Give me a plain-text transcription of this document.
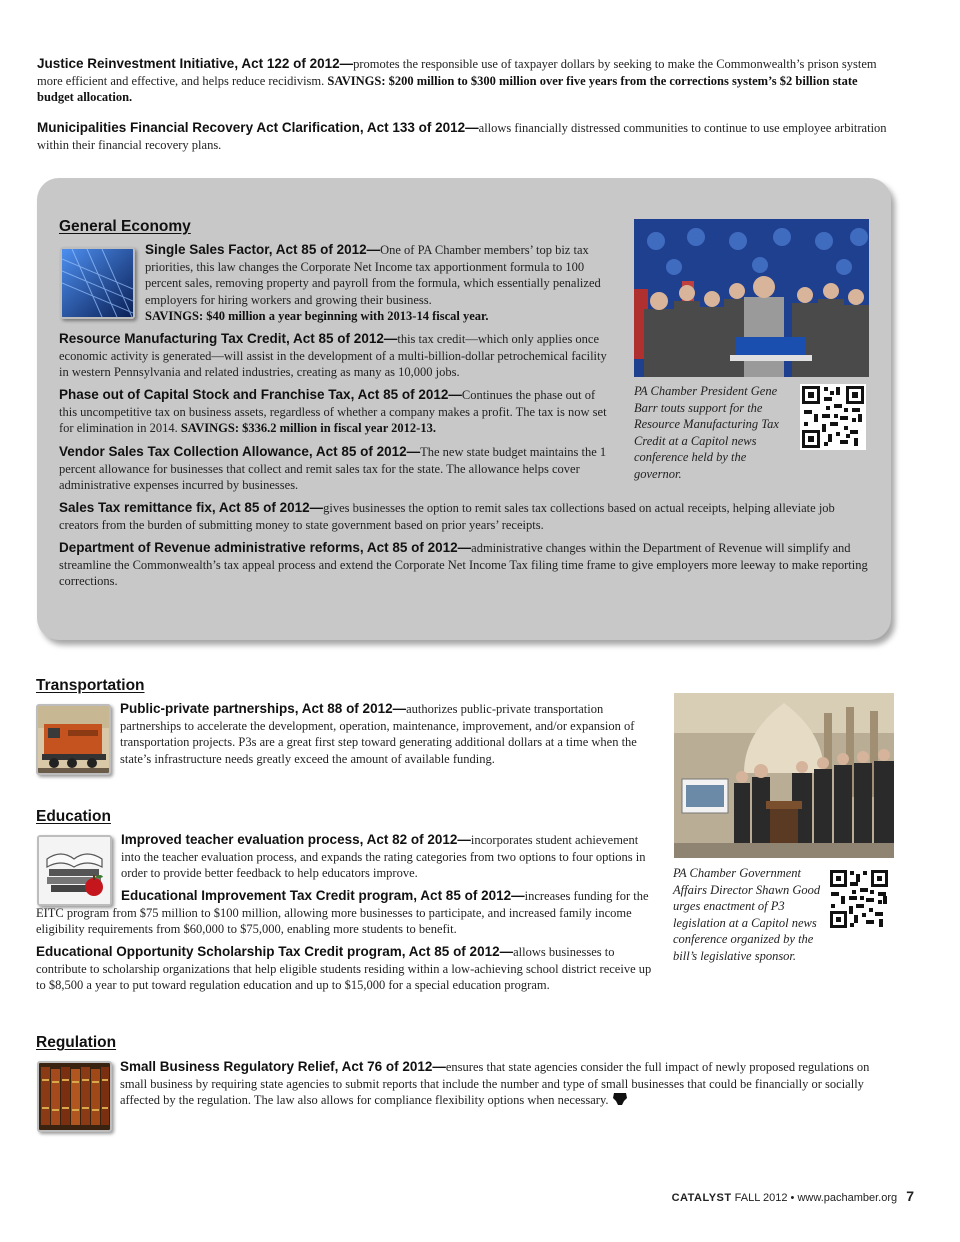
Justice Reinvestment Initiative, Act 122 of 2012—promotes the responsible use of taxpayer dollars by seeking to make the Commonwealth’s prison system more efficient and effective, and helps reduce recidivism. SAVINGS: $200 million to $300 million over five years from the corrections system’s $2 billion state budget allocation.

Municipalities Financial Recovery Act Clarification, Act 133 of 2012—allows financially distressed communities to continue to use employee arbitration within their financial recovery plans.

General Economy

Single Sales Factor, Act 85 of 2012—One of PA Chamber members’ top biz tax priorities, this law changes the Corporate Net Income tax apportionment formula to 100 percent sales, removing property and payroll from the formula, which essentially penalized employers for hiring workers and growing their business.
SAVINGS: $40 million a year beginning with 2013-14 fiscal year.

Resource Manufacturing Tax Credit, Act 85 of 2012—this tax credit—which only applies once economic activity is generated—will assist in the development of a multi-billion-dollar petrochemical facility in western Pennsylvania and related industries, creating as many as 10,000 jobs.

Phase out of Capital Stock and Franchise Tax, Act 85 of 2012—Continues the phase out of this uncompetitive tax on business assets, regardless of whether a company makes a profit. The tax is now set for elimination in 2014. SAVINGS: $336.2 million in fiscal year 2012-13.

Vendor Sales Tax Collection Allowance, Act 85 of 2012—The new state budget maintains the 1 percent allowance for businesses that collect and remit sales tax for the state. The allowance helps cover administrative expenses incurred by businesses.

Sales Tax remittance fix, Act 85 of 2012—gives businesses the option to remit sales tax collections based on actual receipts, helping alleviate job creators from the burden of submitting money to state government based on prior years’ receipts.

Department of Revenue administrative reforms, Act 85 of 2012—administrative changes within the Department of Revenue will simplify and streamline the Commonwealth’s tax appeal process and extend the Corporate Net Income Tax filing time frame to give employers more leeway to make reporting corrections.

PA Chamber President Gene Barr touts support for the Resource Manufacturing Tax Credit at a Capitol news conference held by the governor.

Transportation

Public-private partnerships, Act 88 of 2012—authorizes public-private transportation partnerships to accelerate the development, operation, maintenance, improvement, and/or expansion of transportation projects. P3s are a great first step toward generating additional dollars at a time when the state’s infrastructure needs greatly exceed the amount of available funding.

PA Chamber Government Affairs Director Shawn Good urges enactment of P3 legislation at a Capitol news conference organized by the bill’s legislative sponsor.

Education

Improved teacher evaluation process, Act 82 of 2012—incorporates student achievement into the teacher evaluation process, and expands the rating categories from two options to four options in order to provide better feedback to help educators improve.

Educational Improvement Tax Credit program, Act 85 of 2012—increases funding for the EITC program from $75 million to $100 million, allowing more businesses to participate, and increased family income eligibility requirements from $60,000 to $75,000, enabling more students to benefit.

Educational Opportunity Scholarship Tax Credit program, Act 85 of 2012—allows businesses to contribute to scholarship organizations that help eligible students residing within a low-achieving school district receive up to $8,500 a year to put toward regulation education and up to $15,000 for a special education program.

Regulation

Small Business Regulatory Relief, Act 76 of 2012—ensures that state agencies consider the full impact of newly proposed regulations on small business by requiring state agencies to submit reports that include the number and type of small businesses that could be financially or socially affected by the regulation. The law also allows for compliance flexibility options when necessary.

CATALYST FALL 2012 • www.pachamber.org 7
